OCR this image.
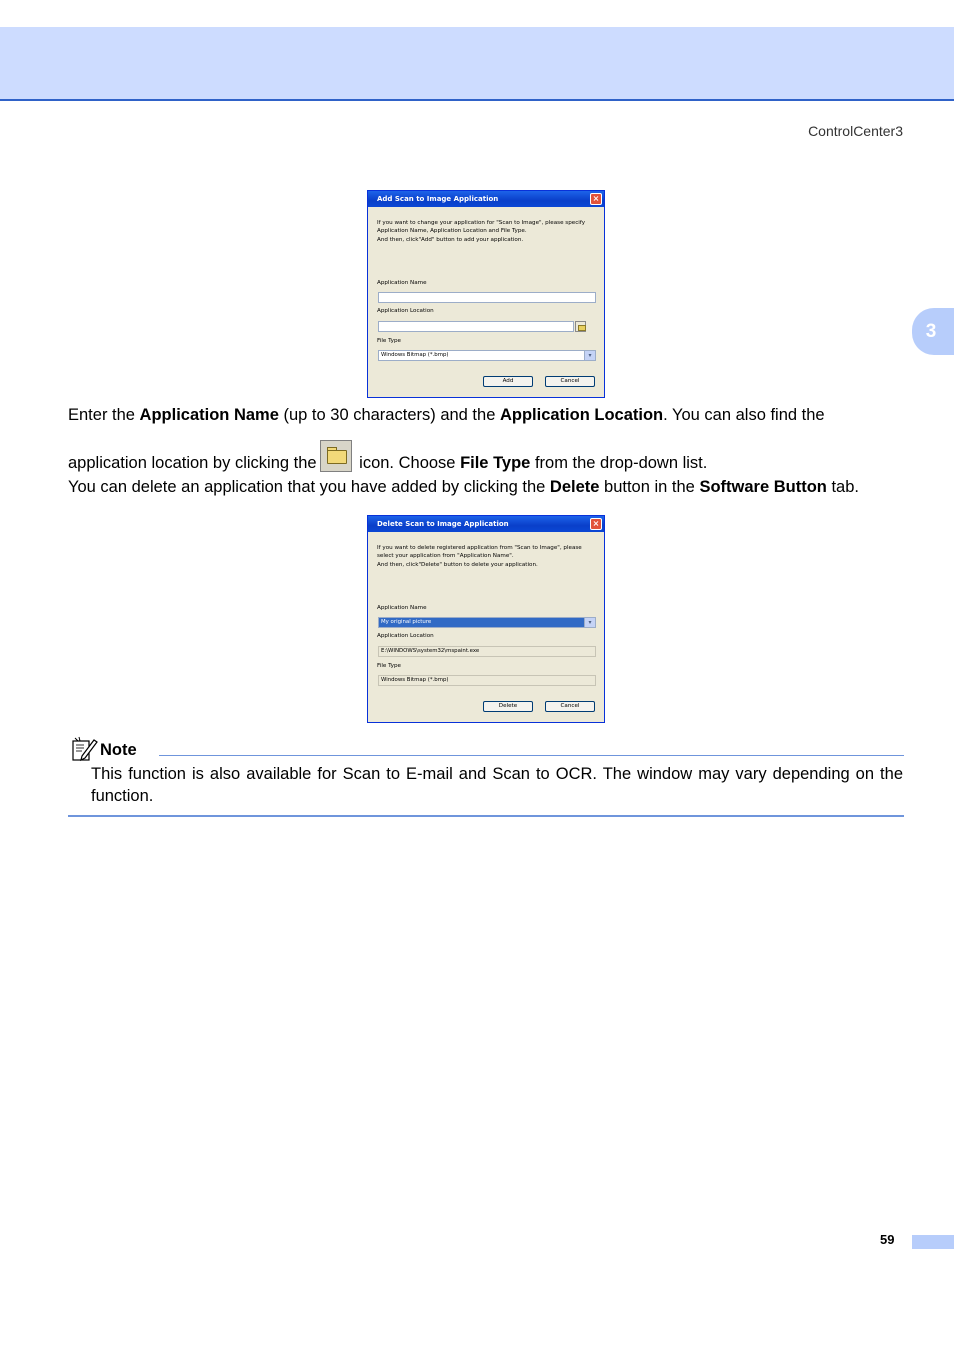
ControlCenter3
3
Add Scan to Image Application	×
If you want to change your application for "Scan to Image", please specify
Application Name, Application Location and File Type.
And then, click"Add" button to add your application.
Application Name
Application Location
File Type
Windows Bitmap (*.bmp)	▾
Add	Cancel
Enter the Application Name (up to 30 characters) and the Application Location. You can also find the
application location by clicking the
icon. Choose File Type from the drop-down list.
You can delete an application that you have added by clicking the Delete button in the Software Button tab.
Delete Scan to Image Application	×
If you want to delete registered application from "Scan to Image", please
select your application from "Application Name".
And then, click"Delete" button to delete your application.
Application Name
My original picture	▾
Application Location
E:\WINDOWS\system32\mspaint.exe
File Type
Windows Bitmap (*.bmp)
Delete	Cancel
Note
This function is also available for Scan to E-mail and Scan to OCR. The window may vary depending on the function.
59
